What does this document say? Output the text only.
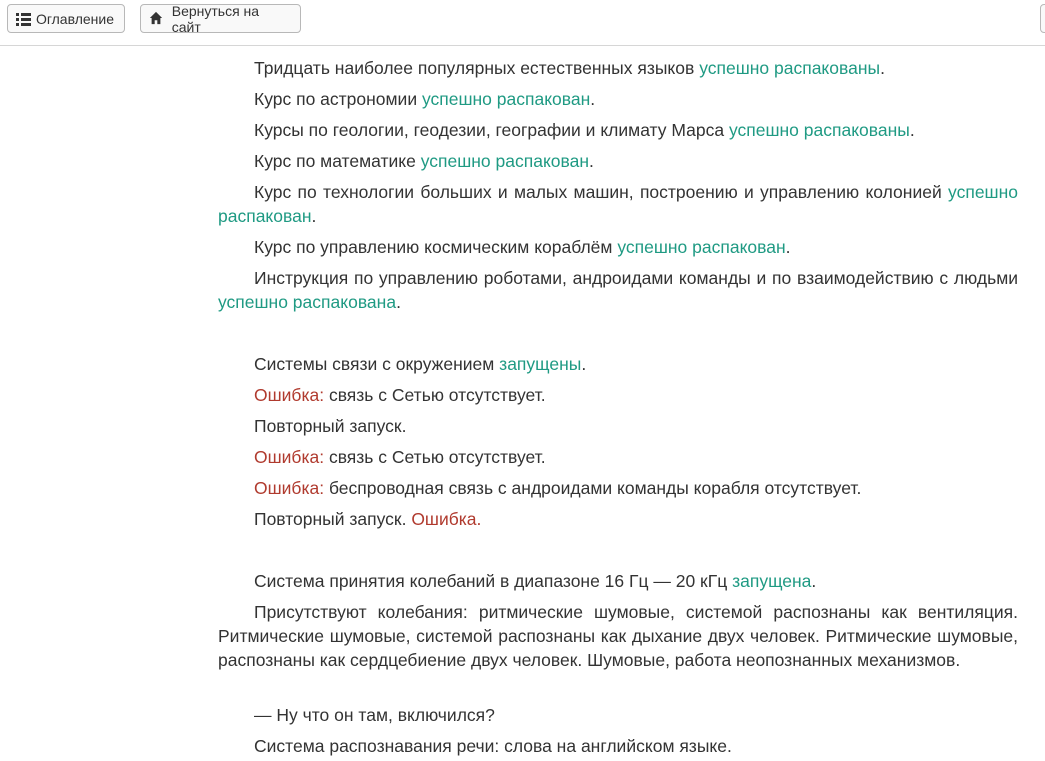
Оглавление	Вернуться на сайт

Тридцать наиболее популярных естественных языков успешно распакованы.

Курс по астрономии успешно распакован.

Курсы по геологии, геодезии, географии и климату Марса успешно распакованы.

Курс по математике успешно распакован.

Курс по технологии больших и малых машин, построению и управлению колонией успешно распакован.

Курс по управлению космическим кораблём успешно распакован.

Инструкция по управлению роботами, андроидами команды и по взаимодействию с людьми успешно распакована.

Системы связи с окружением запущены.

Ошибка: связь с Сетью отсутствует.

Повторный запуск.

Ошибка: связь с Сетью отсутствует.

Ошибка: беспроводная связь с андроидами команды корабля отсутствует.

Повторный запуск. Ошибка.

Система принятия колебаний в диапазоне 16 Гц — 20 кГц запущена.

Присутствуют колебания: ритмические шумовые, системой распознаны как вентиляция. Ритмические шумовые, системой распознаны как дыхание двух человек. Ритмические шумовые, распознаны как сердцебиение двух человек. Шумовые, работа неопознанных механизмов.

— Ну что он там, включился?

Система распознавания речи: слова на английском языке.
